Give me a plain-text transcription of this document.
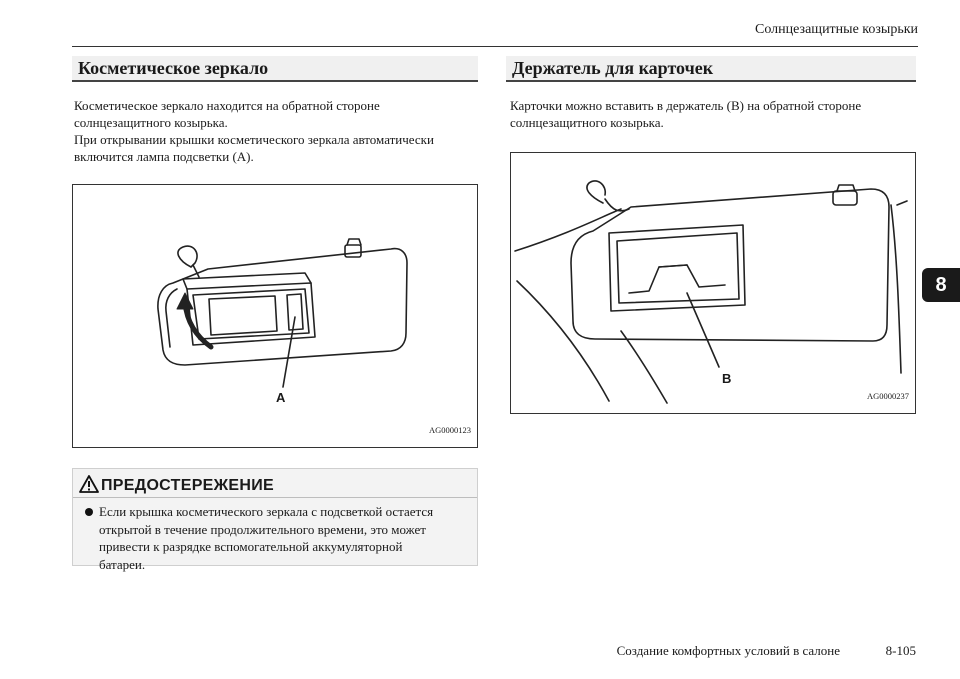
Солнцезащитные козырьки
Косметическое зеркало

Косметическое зеркало находится на обратной стороне

солнцезащитного козырька.

При открывании крышки косметического зеркала автоматически

включится лампа подсветки (A).

A
AG0000123
ПРЕДОСТЕРЕЖЕНИЕ
Если крышка косметического зеркала с подсветкой остается
открытой в течение продолжительного времени, это может
привести к разрядке вспомогательной аккумуляторной
батареи.
Держатель для карточек

Карточки можно вставить в держатель (B) на обратной стороне

солнцезащитного козырька.

B
AG0000237
8
Создание комфортных условий в салоне	8-105
